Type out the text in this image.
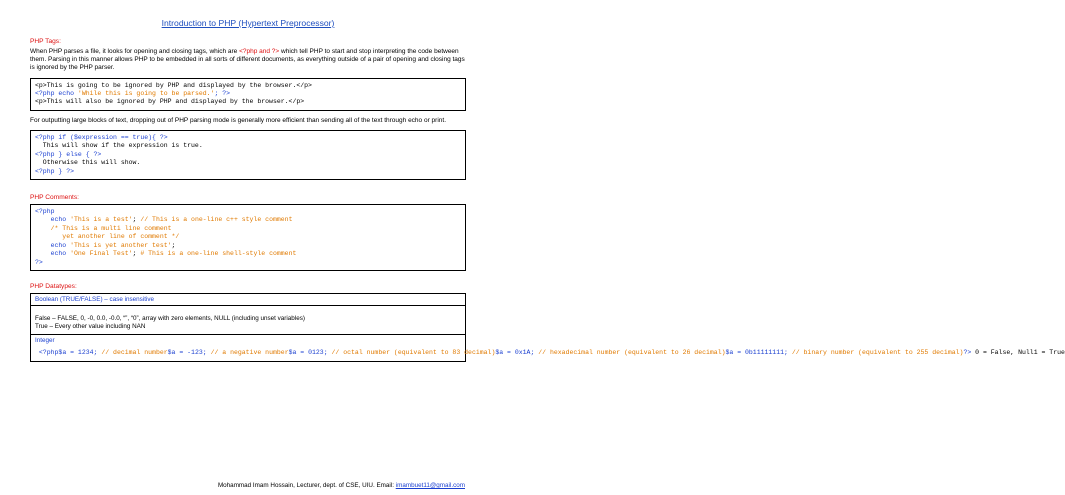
Introduction to PHP (Hypertext Preprocessor)
PHP Tags:
When PHP parses a file, it looks for opening and closing tags, which are <?php and ?> which tell PHP to start and stop interpreting the code between them. Parsing in this manner allows PHP to be embedded in all sorts of different documents, as everything outside of a pair of opening and closing tags is ignored by the PHP parser.
<p>This is going to be ignored by PHP and displayed by the browser.</p>
<?php echo 'While this is going to be parsed.'; ?>
<p>This will also be ignored by PHP and displayed by the browser.</p>
For outputting large blocks of text, dropping out of PHP parsing mode is generally more efficient than sending all of the text through echo or print.
<?php if ($expression == true){ ?>
This will show if the expression is true.
<?php } else { ?>
Otherwise this will show.
<?php } ?>
PHP Comments:
<?php
echo 'This is a test'; // This is a one-line c++ style comment
/* This is a multi line comment
yet another line of comment */
echo 'This is yet another test';
echo 'One Final Test'; # This is a one-line shell-style comment
?>
PHP Datatypes:
Boolean (TRUE/FALSE) – case insensitive
False – FALSE, 0, -0, 0.0, -0.0, “”, “0”, array with zero elements, NULL (including unset variables)
True – Every other value including NAN
Integer
<?php$a = 1234; // decimal number$a = -123; // a negative number$a = 0123; // octal number (equivalent to 83 decimal)$a = 0x1A; // hexadecimal number (equivalent to 26 decimal)$a = 0b11111111; // binary number (equivalent to 255 decimal)?> 0 = False, Null1 = True
Mohammad Imam Hossain, Lecturer, dept. of CSE, UIU. Email: imambuet11@gmail.com
